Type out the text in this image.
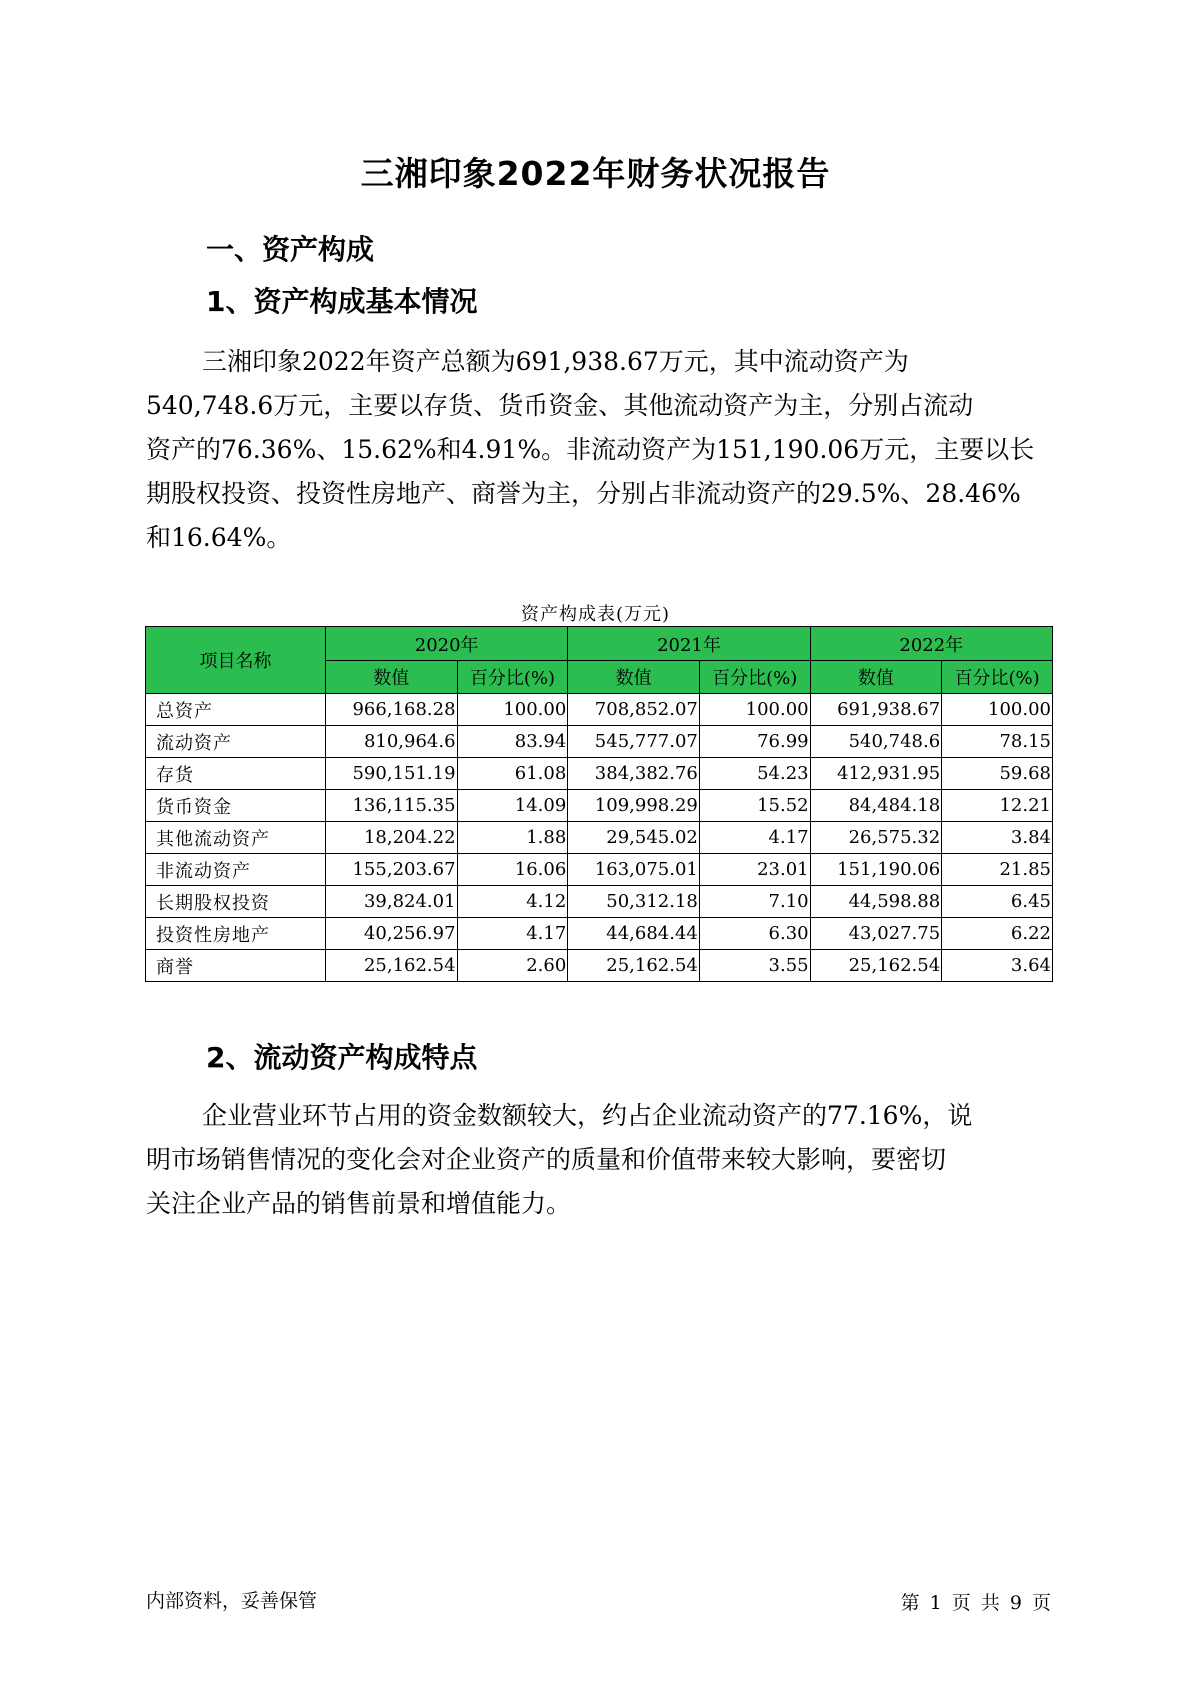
三湘印象2022年财务状况报告
一、资产构成
1、资产构成基本情况
三湘印象2022年资产总额为691,938.67万元，其中流动资产为
540,748.6万元，主要以存货、货币资金、其他流动资产为主，分别占流动
资产的76.36%、15.62%和4.91%。非流动资产为151,190.06万元，主要以长
期股权投资、投资性房地产、商誉为主，分别占非流动资产的29.5%、28.46%
和16.64%。
资产构成表(万元)
项目名称	2020年		2021年		2022年	
	数值	百分比(%)	数值	百分比(%)	数值	百分比(%)
总资产	966,168.28	100.00	708,852.07	100.00	691,938.67	100.00
流动资产	810,964.6	83.94	545,777.07	76.99	540,748.6	78.15
存货	590,151.19	61.08	384,382.76	54.23	412,931.95	59.68
货币资金	136,115.35	14.09	109,998.29	15.52	84,484.18	12.21
其他流动资产	18,204.22	1.88	29,545.02	4.17	26,575.32	3.84
非流动资产	155,203.67	16.06	163,075.01	23.01	151,190.06	21.85
长期股权投资	39,824.01	4.12	50,312.18	7.10	44,598.88	6.45
投资性房地产	40,256.97	4.17	44,684.44	6.30	43,027.75	6.22
商誉	25,162.54	2.60	25,162.54	3.55	25,162.54	3.64
2、流动资产构成特点
企业营业环节占用的资金数额较大，约占企业流动资产的77.16%，说
明市场销售情况的变化会对企业资产的质量和价值带来较大影响，要密切
关注企业产品的销售前景和增值能力。
内部资料，妥善保管	第 1 页 共 9 页
